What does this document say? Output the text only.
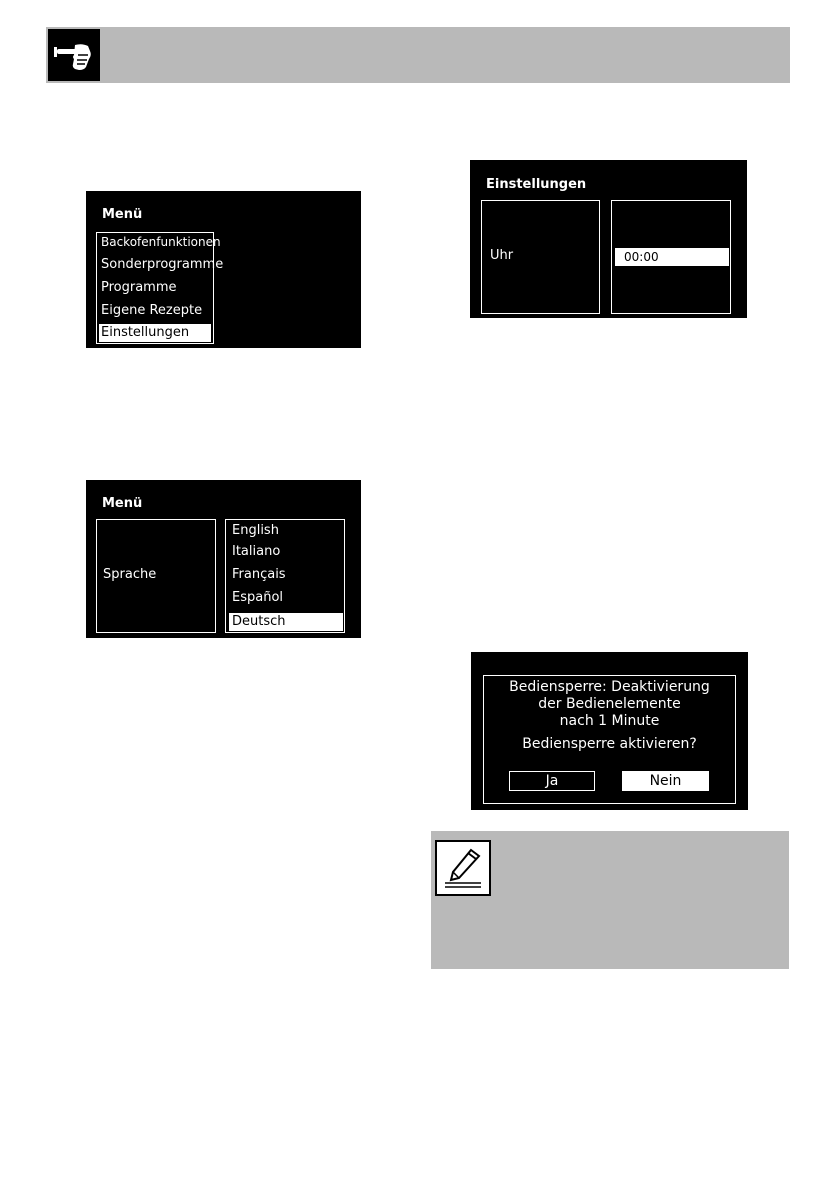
Menü
Backofenfunktionen
Sonderprogramme
Programme
Eigene Rezepte
Einstellungen
Einstellungen
Uhr	00:00
Menü
Sprache
English
Italiano
Français
Español
Deutsch
Bediensperre: Deaktivierung
der Bedienelemente
nach 1 Minute
Bediensperre aktivieren?
Ja	Nein
